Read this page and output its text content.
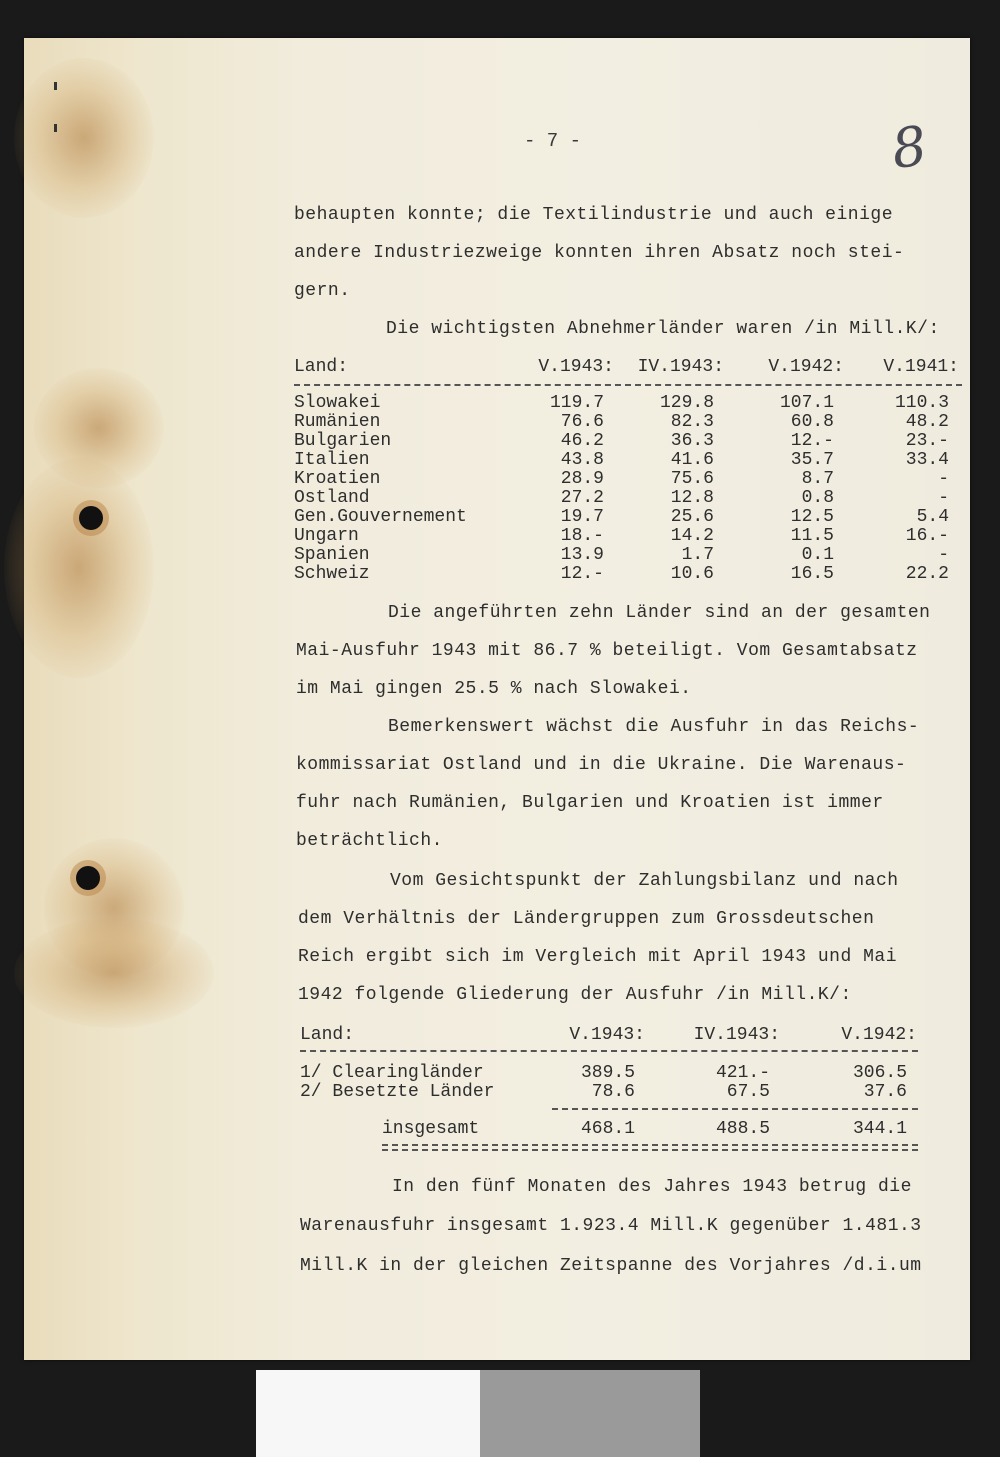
- 7 -	8
behaupten konnte; die Textilindustrie und auch einige
andere Industriezweige konnten ihren Absatz noch stei-
gern.
Die wichtigsten Abnehmerländer waren /in Mill.K/:
Land:	V.1943:	IV.1943: V.1942: V.1941:
Slowakei	119.7	129.8	107.1	110.3
Rumänien	76.6	82.3	60.8	48.2
Bulgarien	46.2	36.3	12.-	23.-
Italien	43.8	41.6	35.7	33.4
Kroatien	28.9	75.6	8.7	-
Ostland	27.2	12.8	0.8	-
Gen.Gouvernement	19.7	25.6	12.5	5.4
Ungarn	18.-	14.2	11.5	16.-
Spanien	13.9	1.7	0.1	-
Schweiz	12.-	10.6	16.5	22.2
Die angeführten zehn Länder sind an der gesamten
Mai-Ausfuhr 1943 mit 86.7 % beteiligt. Vom Gesamtabsatz
im Mai gingen 25.5 % nach Slowakei.
Bemerkenswert wächst die Ausfuhr in das Reichs-
kommissariat Ostland und in die Ukraine. Die Warenaus-
fuhr nach Rumänien, Bulgarien und Kroatien ist immer
beträchtlich.
Vom Gesichtspunkt der Zahlungsbilanz und nach
dem Verhältnis der Ländergruppen zum Grossdeutschen
Reich ergibt sich im Vergleich mit April 1943 und Mai
1942 folgende Gliederung der Ausfuhr /in Mill.K/:
Land:	V.1943:	IV.1943:	V.1942:
1/ Clearingländer	389.5	421.-	306.5
2/ Besetzte Länder	78.6	67.5	37.6
insgesamt	468.1	488.5	344.1
In den fünf Monaten des Jahres 1943 betrug die
Warenausfuhr insgesamt 1.923.4 Mill.K gegenüber 1.481.3
Mill.K in der gleichen Zeitspanne des Vorjahres /d.i.um
